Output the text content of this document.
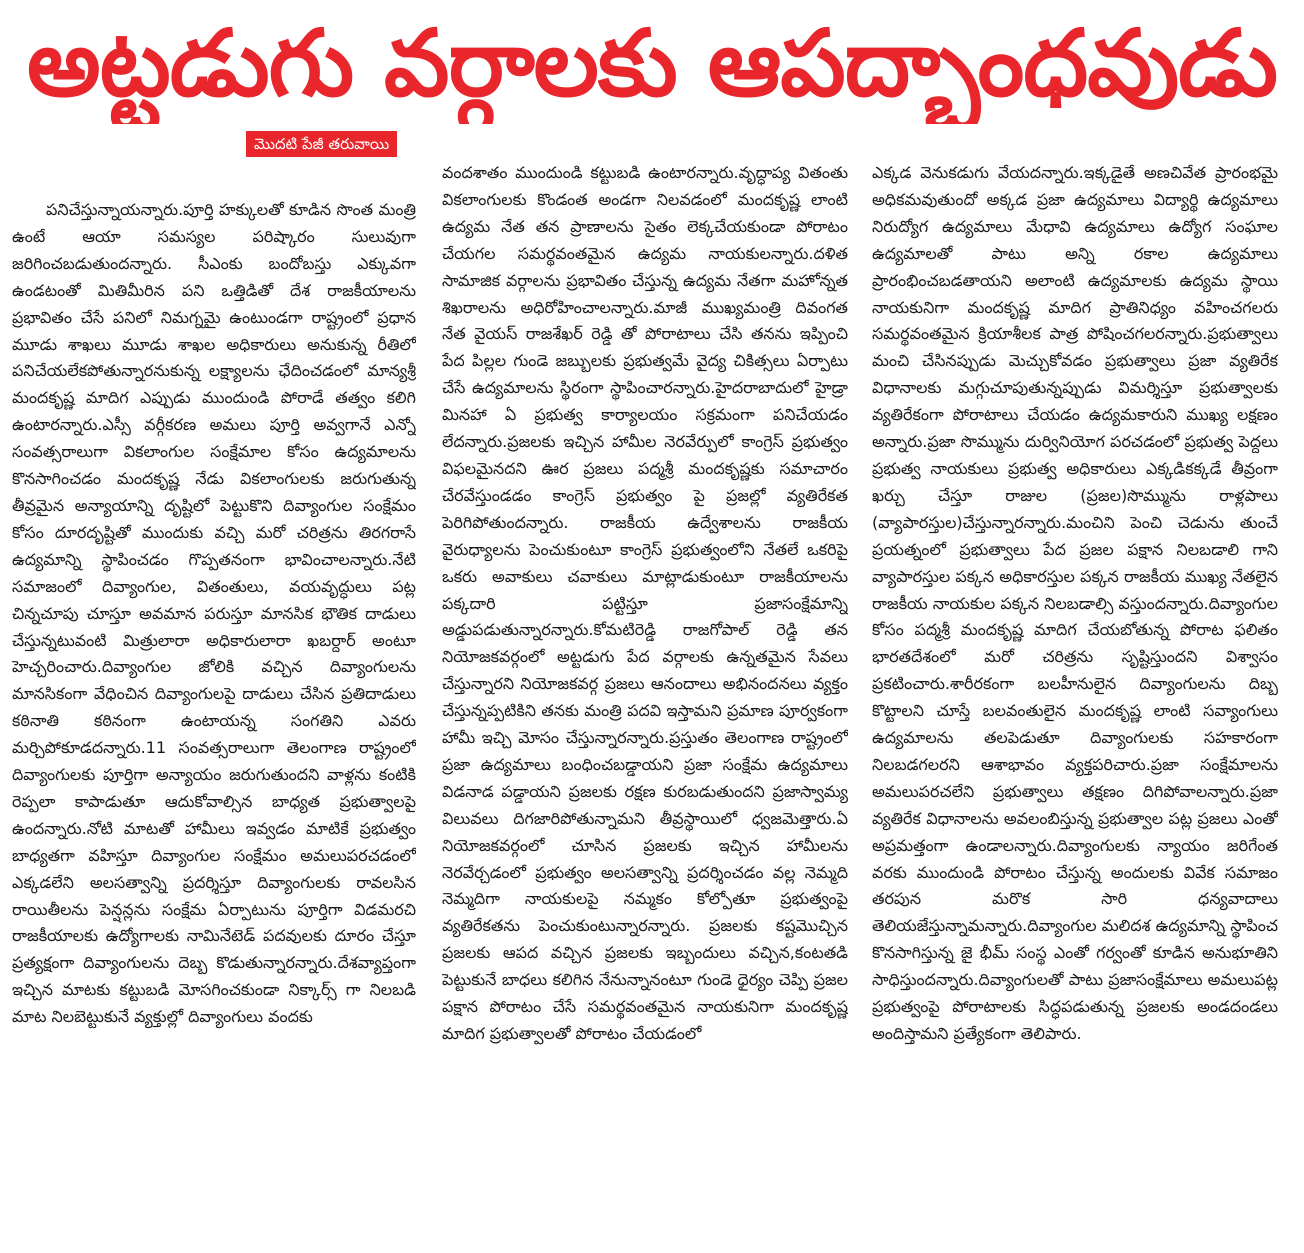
అట్టడుగు వర్గాలకు ఆపద్బాంధవుడు
మొదటి పేజీ తరువాయి

పనిచేస్తున్నాయన్నారు.పూర్తి హక్కులతో కూడిన సొంత మంత్రి ఉంటే ఆయా సమస్యల పరిష్కారం సులువుగా జరిగించబడుతుందన్నారు. సీఎంకు బందోబస్తు ఎక్కువగా ఉండటంతో మితిమీరిన పని ఒత్తిడితో దేశ రాజకీయాలను ప్రభావితం చేసే పనిలో నిమగ్నమై ఉంటుండగా రాష్ట్రంలో ప్రధాన మూడు శాఖలు మూడు శాఖల అధికారులు అనుకున్న రీతిలో పనిచేయలేకపోతున్నారనుకున్న లక్ష్యాలను ఛేదించడంలో మాన్యశ్రీ మందకృష్ణ మాదిగ ఎప్పుడు ముందుండి పోరాడే తత్వం కలిగి ఉంటారన్నారు.ఎస్సీ వర్గీకరణ అమలు పూర్తి అవ్వగానే ఎన్నో సంవత్సరాలుగా వికలాంగుల సంక్షేమాల కోసం ఉద్యమాలను కొనసాగించడం మందకృష్ణ నేడు వికలాంగులకు జరుగుతున్న తీవ్రమైన అన్యాయాన్ని దృష్టిలో పెట్టుకొని దివ్యాంగుల సంక్షేమం కోసం దూరదృష్టితో ముందుకు వచ్చి మరో చరిత్రను తిరగరాసే ఉద్యమాన్ని స్థాపించడం గొప్పతనంగా భావించాలన్నారు.నేటి సమాజంలో దివ్యాంగుల, వితంతులు, వయవృద్ధులు పట్ల చిన్నచూపు చూస్తూ అవమాన పరుస్తూ మానసిక భౌతిక దాడులు చేస్తున్నటువంటి మిత్రులారా అధికారులారా ఖబర్దార్ అంటూ హెచ్చరించారు.దివ్యాంగుల జోలికి వచ్చిన దివ్యాంగులను మానసికంగా వేధించిన దివ్యాంగులపై దాడులు చేసిన ప్రతిదాడులు కఠినాతి కఠినంగా ఉంటాయన్న సంగతిని ఎవరు మర్చిపోకూడదన్నారు.11 సంవత్సరాలుగా తెలంగాణ రాష్ట్రంలో దివ్యాంగులకు పూర్తిగా అన్యాయం జరుగుతుందని వాళ్లను కంటికి రెప్పలా కాపాడుతూ ఆదుకోవాల్సిన బాధ్యత ప్రభుత్వాలపై ఉందన్నారు.నోటి మాటతో హామీలు ఇవ్వడం మాటికే ప్రభుత్వం బాధ్యతగా వహిస్తూ దివ్యాంగుల సంక్షేమం అమలుపరచడంలో ఎక్కడలేని అలసత్వాన్ని ప్రదర్శిస్తూ దివ్యాంగులకు రావలసిన రాయితీలను పెన్షన్లను సంక్షేమ ఏర్పాటును పూర్తిగా విడమరచి రాజకీయాలకు ఉద్యోగాలకు నామినేటెడ్ పదవులకు దూరం చేస్తూ ప్రత్యక్షంగా దివ్యాంగులను దెబ్బ కొడుతున్నారన్నారు.దేశవ్యాప్తంగా ఇచ్చిన మాటకు కట్టుబడి మోసగించకుండా నిక్కార్స్ గా నిలబడి మాట నిలబెట్టుకునే వ్యక్తుల్లో దివ్యాంగులు వందకు

వందశాతం ముందుండి కట్టుబడి ఉంటారన్నారు.వృద్ధాప్య వితంతు వికలాంగులకు కొండంత అండగా నిలవడంలో మందకృష్ణ లాంటి ఉద్యమ నేత తన ప్రాణాలను సైతం లెక్కచేయకుండా పోరాటం చేయగల సమర్థవంతమైన ఉద్యమ నాయకులన్నారు.దళిత సామాజిక వర్గాలను ప్రభావితం చేస్తున్న ఉద్యమ నేతగా మహోన్నత శిఖరాలను అధిరోహించాలన్నారు.మాజీ ముఖ్యమంత్రి దివంగత నేత వైయస్ రాజశేఖర్ రెడ్డి తో పోరాటాలు చేసి తనను ఇప్పించి పేద పిల్లల గుండె జబ్బులకు ప్రభుత్వమే వైద్య చికిత్సలు ఏర్పాటు చేసే ఉద్యమాలను స్థిరంగా స్థాపించారన్నారు.హైదరాబాదులో హైడ్రా మినహా ఏ ప్రభుత్వ కార్యాలయం సక్రమంగా పనిచేయడం లేదన్నారు.ప్రజలకు ఇచ్చిన హామీల నెరవేర్పులో కాంగ్రెస్ ప్రభుత్వం విఫలమైనదని ఊర ప్రజలు పద్మశ్రీ మందకృష్ణకు సమాచారం చేరవేస్తుండడం కాంగ్రెస్ ప్రభుత్వం పై ప్రజల్లో వ్యతిరేకత పెరిగిపోతుందన్నారు. రాజకీయ ఉద్వేశాలను రాజకీయ వైరుధ్యాలను పెంచుకుంటూ కాంగ్రెస్ ప్రభుత్వంలోని నేతలే ఒకరిపై ఒకరు అవాకులు చవాకులు మాట్లాడుకుంటూ రాజకీయాలను పక్కదారి పట్టిస్తూ ప్రజాసంక్షేమాన్ని అడ్డుపడుతున్నారన్నారు.కోమటిరెడ్డి రాజగోపాల్ రెడ్డి తన నియోజకవర్గంలో అట్టడుగు పేద వర్గాలకు ఉన్నతమైన సేవలు చేస్తున్నారని నియోజకవర్గ ప్రజలు ఆనందాలు అభినందనలు వ్యక్తం చేస్తున్నప్పటికిని తనకు మంత్రి పదవి ఇస్తామని ప్రమాణ పూర్వకంగా హామీ ఇచ్చి మోసం చేస్తున్నారన్నారు.ప్రస్తుతం తెలంగాణ రాష్ట్రంలో ప్రజా ఉద్యమాలు బంధించబడ్డాయని ప్రజా సంక్షేమ ఉద్యమాలు విడనాడ పడ్డాయని ప్రజలకు రక్షణ కురబడుతుందని ప్రజాస్వామ్య విలువలు దిగజారిపోతున్నామని తీవ్రస్థాయిలో ధ్వజమెత్తారు.ఏ నియోజకవర్గంలో చూసిన ప్రజలకు ఇచ్చిన హామీలను నెరవేర్చడంలో ప్రభుత్వం అలసత్వాన్ని ప్రదర్శించడం వల్ల నెమ్మది నెమ్మదిగా నాయకులపై నమ్మకం కోల్పోతూ ప్రభుత్వంపై వ్యతిరేకతను పెంచుకుంటున్నారన్నారు. ప్రజలకు కష్టమొచ్చిన ప్రజలకు ఆపద వచ్చిన ప్రజలకు ఇబ్బందులు వచ్చిన,కంటతడి పెట్టుకునే బాధలు కలిగిన నేనున్నానంటూ గుండె ధైర్యం చెప్పి ప్రజల పక్షాన పోరాటం చేసే సమర్థవంతమైన నాయకునిగా మందకృష్ణ మాదిగ ప్రభుత్వాలతో పోరాటం చేయడంలో

ఎక్కడ వెనుకడుగు వేయదన్నారు.ఇక్కడైతే అణచివేత ప్రారంభమై అధికమవుతుందో అక్కడ ప్రజా ఉద్యమాలు విద్యార్థి ఉద్యమాలు నిరుద్యోగ ఉద్యమాలు మేధావి ఉద్యమాలు ఉద్యోగ సంఘాల ఉద్యమాలతో పాటు అన్ని రకాల ఉద్యమాలు ప్రారంభించబడతాయని అలాంటి ఉద్యమాలకు ఉద్యమ స్థాయి నాయకునిగా మందకృష్ణ మాదిగ ప్రాతినిధ్యం వహించగలరు సమర్థవంతమైన క్రియాశీలక పాత్ర పోషించగలరన్నారు.ప్రభుత్వాలు మంచి చేసినప్పుడు మెచ్చుకోవడం ప్రభుత్వాలు ప్రజా వ్యతిరేక విధానాలకు మగ్గుచూపుతున్నప్పుడు విమర్శిస్తూ ప్రభుత్వాలకు వ్యతిరేకంగా పోరాటాలు చేయడం ఉద్యమకారుని ముఖ్య లక్షణం అన్నారు.ప్రజా సొమ్మును దుర్వినియోగ పరచడంలో ప్రభుత్వ పెద్దలు ప్రభుత్వ నాయకులు ప్రభుత్వ అధికారులు ఎక్కడికక్కడే తీవ్రంగా ఖర్చు చేస్తూ రాజుల (ప్రజల)సొమ్మును రాళ్లపాలు (వ్యాపారస్తుల)చేస్తున్నారన్నారు.మంచిని పెంచి చెడును తుంచే ప్రయత్నంలో ప్రభుత్వాలు పేద ప్రజల పక్షాన నిలబడాలి గాని వ్యాపారస్తుల పక్కన అధికారస్తుల పక్కన రాజకీయ ముఖ్య నేతలైన రాజకీయ నాయకుల పక్కన నిలబడాల్సి వస్తుందన్నారు.దివ్యాంగుల కోసం పద్మశ్రీ మందకృష్ణ మాదిగ చేయబోతున్న పోరాట ఫలితం భారతదేశంలో మరో చరిత్రను సృష్టిస్తుందని విశ్వాసం ప్రకటించారు.శారీరకంగా బలహీనులైన దివ్యాంగులను దిబ్బ కొట్టాలని చూస్తే బలవంతులైన మందకృష్ణ లాంటి సవ్యాంగులు ఉద్యమాలను తలపెడుతూ దివ్యాంగులకు సహకారంగా నిలబడగలరని ఆశాభావం వ్యక్తపరిచారు.ప్రజా సంక్షేమాలను అమలుపరచలేని ప్రభుత్వాలు తక్షణం దిగిపోవాలన్నారు.ప్రజా వ్యతిరేక విధానాలను అవలంబిస్తున్న ప్రభుత్వాల పట్ల ప్రజలు ఎంతో అప్రమత్తంగా ఉండాలన్నారు.దివ్యాంగులకు న్యాయం జరిగేంత వరకు ముందుండి పోరాటం చేస్తున్న అందులకు వివేక సమాజం తరపున మరొక సారి ధన్యవాదాలు తెలియజేస్తున్నామన్నారు.దివ్యాంగుల మలిదశ ఉద్యమాన్ని స్థాపించ కొనసాగిస్తున్న జై భీమ్ సంస్థ ఎంతో గర్వంతో కూడిన అనుభూతిని సాధిస్తుందన్నారు.దివ్యాంగులతో పాటు ప్రజాసంక్షేమాలు అమలుపట్ల ప్రభుత్వంపై పోరాటాలకు సిద్ధపడుతున్న ప్రజలకు అండదండలు అందిస్తామని ప్రత్యేకంగా తెలిపారు.
